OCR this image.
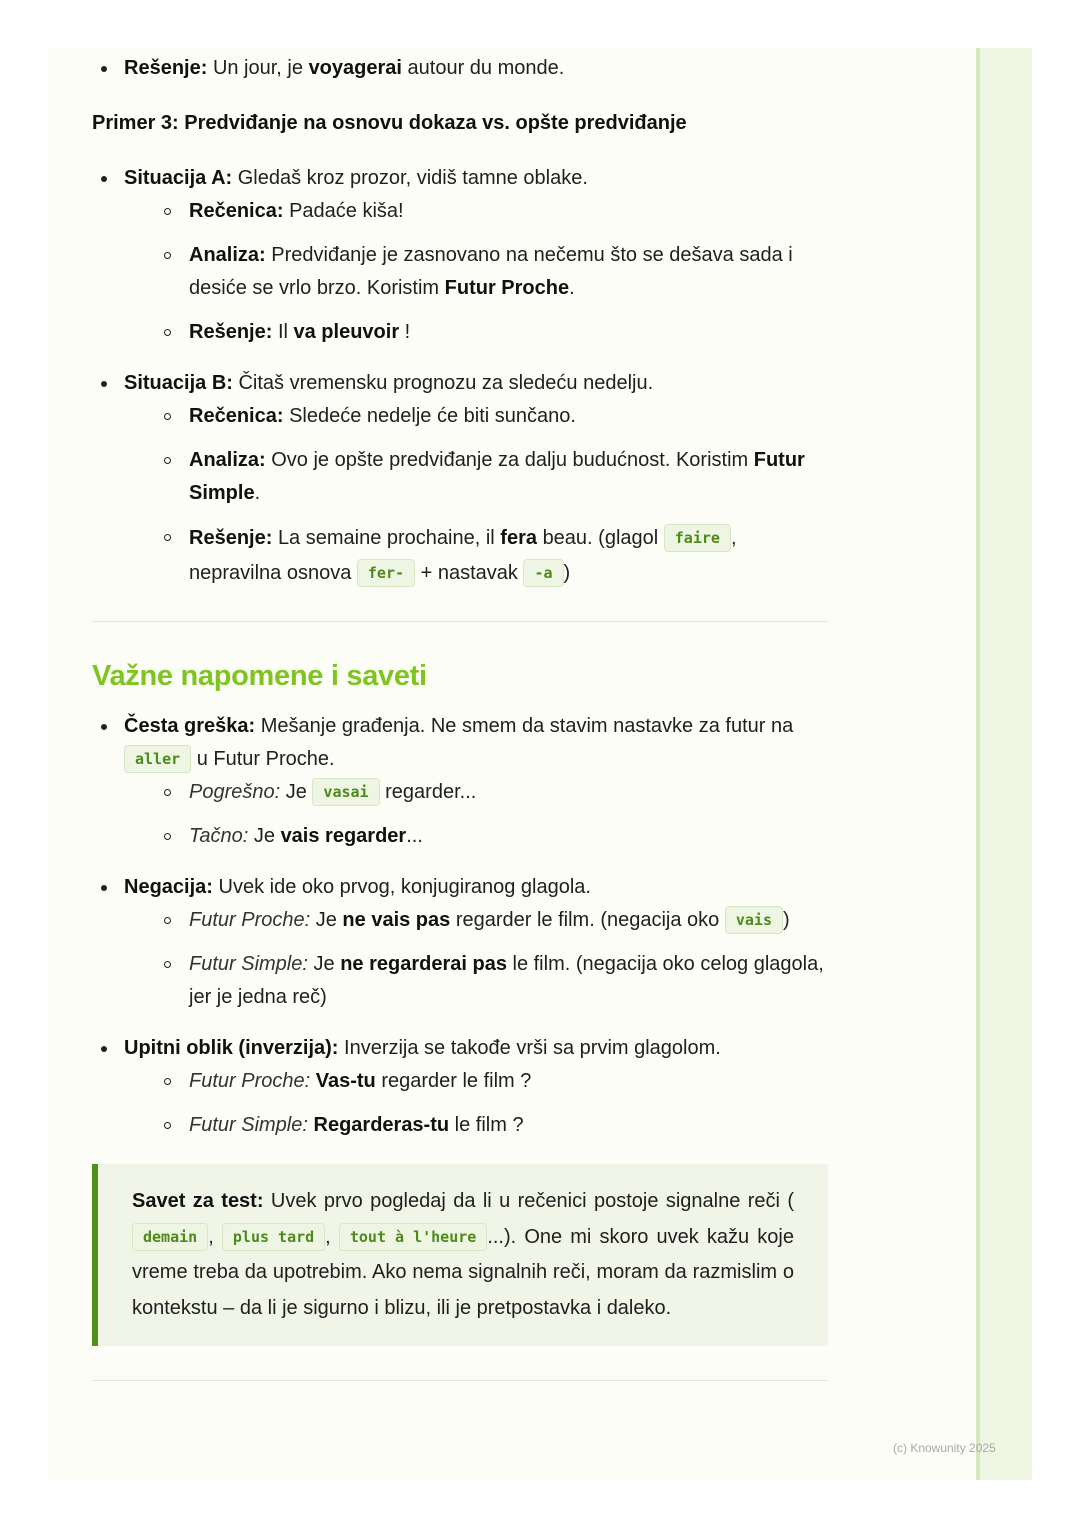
(c) Knowunity 2025
Rešenje: Un jour, je voyagerai autour du monde.

Primer 3: Predviđanje na osnovu dokaza vs. opšte predviđanje

Situacija A: Gledaš kroz prozor, vidiš tamne oblake.
Rečenica: Padaće kiša!
Analiza: Predviđanje je zasnovano na nečemu što se dešava sada i desiće se vrlo brzo. Koristim Futur Proche.
Rešenje: Il va pleuvoir !
Situacija B: Čitaš vremensku prognozu za sledeću nedelju.
Rečenica: Sledeće nedelje će biti sunčano.
Analiza: Ovo je opšte predviđanje za dalju budućnost. Koristim Futur Simple.
Rešenje: La semaine prochaine, il fera beau. (glagol faire , nepravilna osnova fer- + nastavak -a )

Važne napomene i saveti

Česta greška: Mešanje građenja. Ne smem da stavim nastavke za futur na aller u Futur Proche.
Pogrešno: Je vasai regarder...
Tačno: Je vais regarder...
Negacija: Uvek ide oko prvog, konjugiranog glagola.
Futur Proche: Je ne vais pas regarder le film. (negacija oko vais )
Futur Simple: Je ne regarderai pas le film. (negacija oko celog glagola, jer je jedna reč)
Upitni oblik (inverzija): Inverzija se takođe vrši sa prvim glagolom.
Futur Proche: Vas-tu regarder le film ?
Futur Simple: Regarderas-tu le film ?
Savet za test: Uvek prvo pogledaj da li u rečenici postoje signalne reči (demain , plus tard , tout à l'heure ...). One mi skoro uvek kažu koje vreme treba da upotrebim. Ako nema signalnih reči, moram da razmislim o kontekstu – da li je sigurno i blizu, ili je pretpostavka i daleko.
